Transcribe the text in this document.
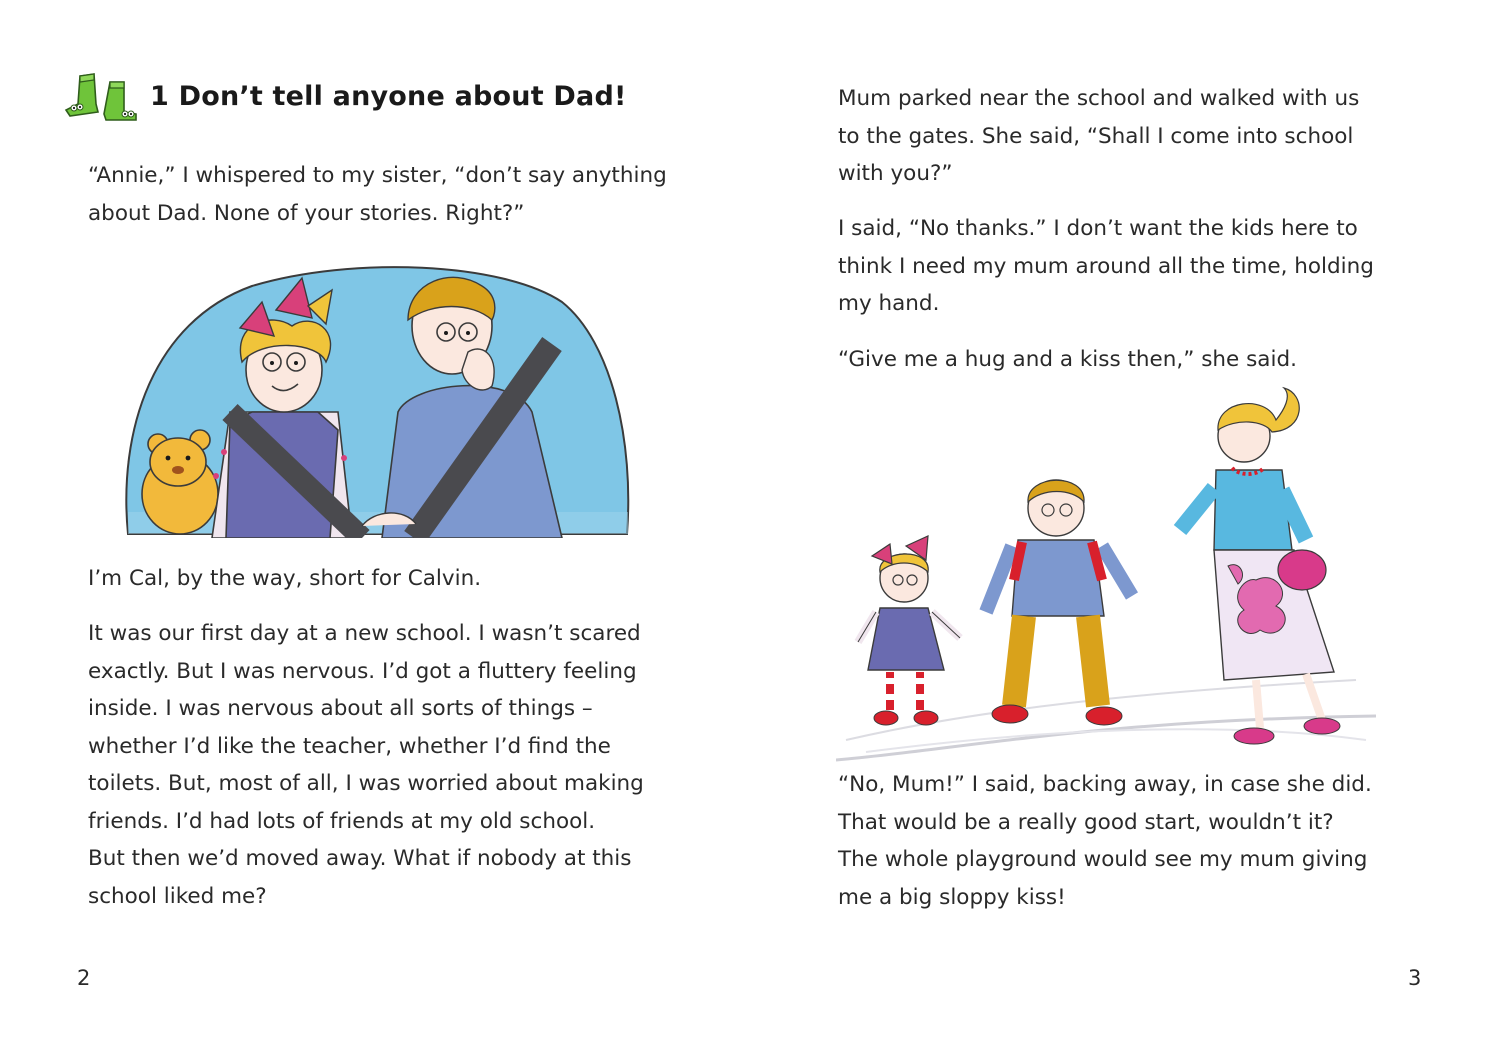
1 Don’t tell anyone about Dad!

“Annie,” I whispered to my sister, “don’t say anything
about Dad. None of your stories. Right?”

I’m Cal, by the way, short for Calvin.

It was our first day at a new school. I wasn’t scared
exactly. But I was nervous. I’d got a fluttery feeling
inside. I was nervous about all sorts of things –
whether I’d like the teacher, whether I’d find the
toilets. But, most of all, I was worried about making
friends. I’d had lots of friends at my old school.
But then we’d moved away. What if nobody at this
school liked me?

2

Mum parked near the school and walked with us
to the gates. She said, “Shall I come into school
with you?”

I said, “No thanks.” I don’t want the kids here to
think I need my mum around all the time, holding
my hand.

“Give me a hug and a kiss then,” she said.

“No, Mum!” I said, backing away, in case she did.
That would be a really good start, wouldn’t it?
The whole playground would see my mum giving
me a big sloppy kiss!

3
